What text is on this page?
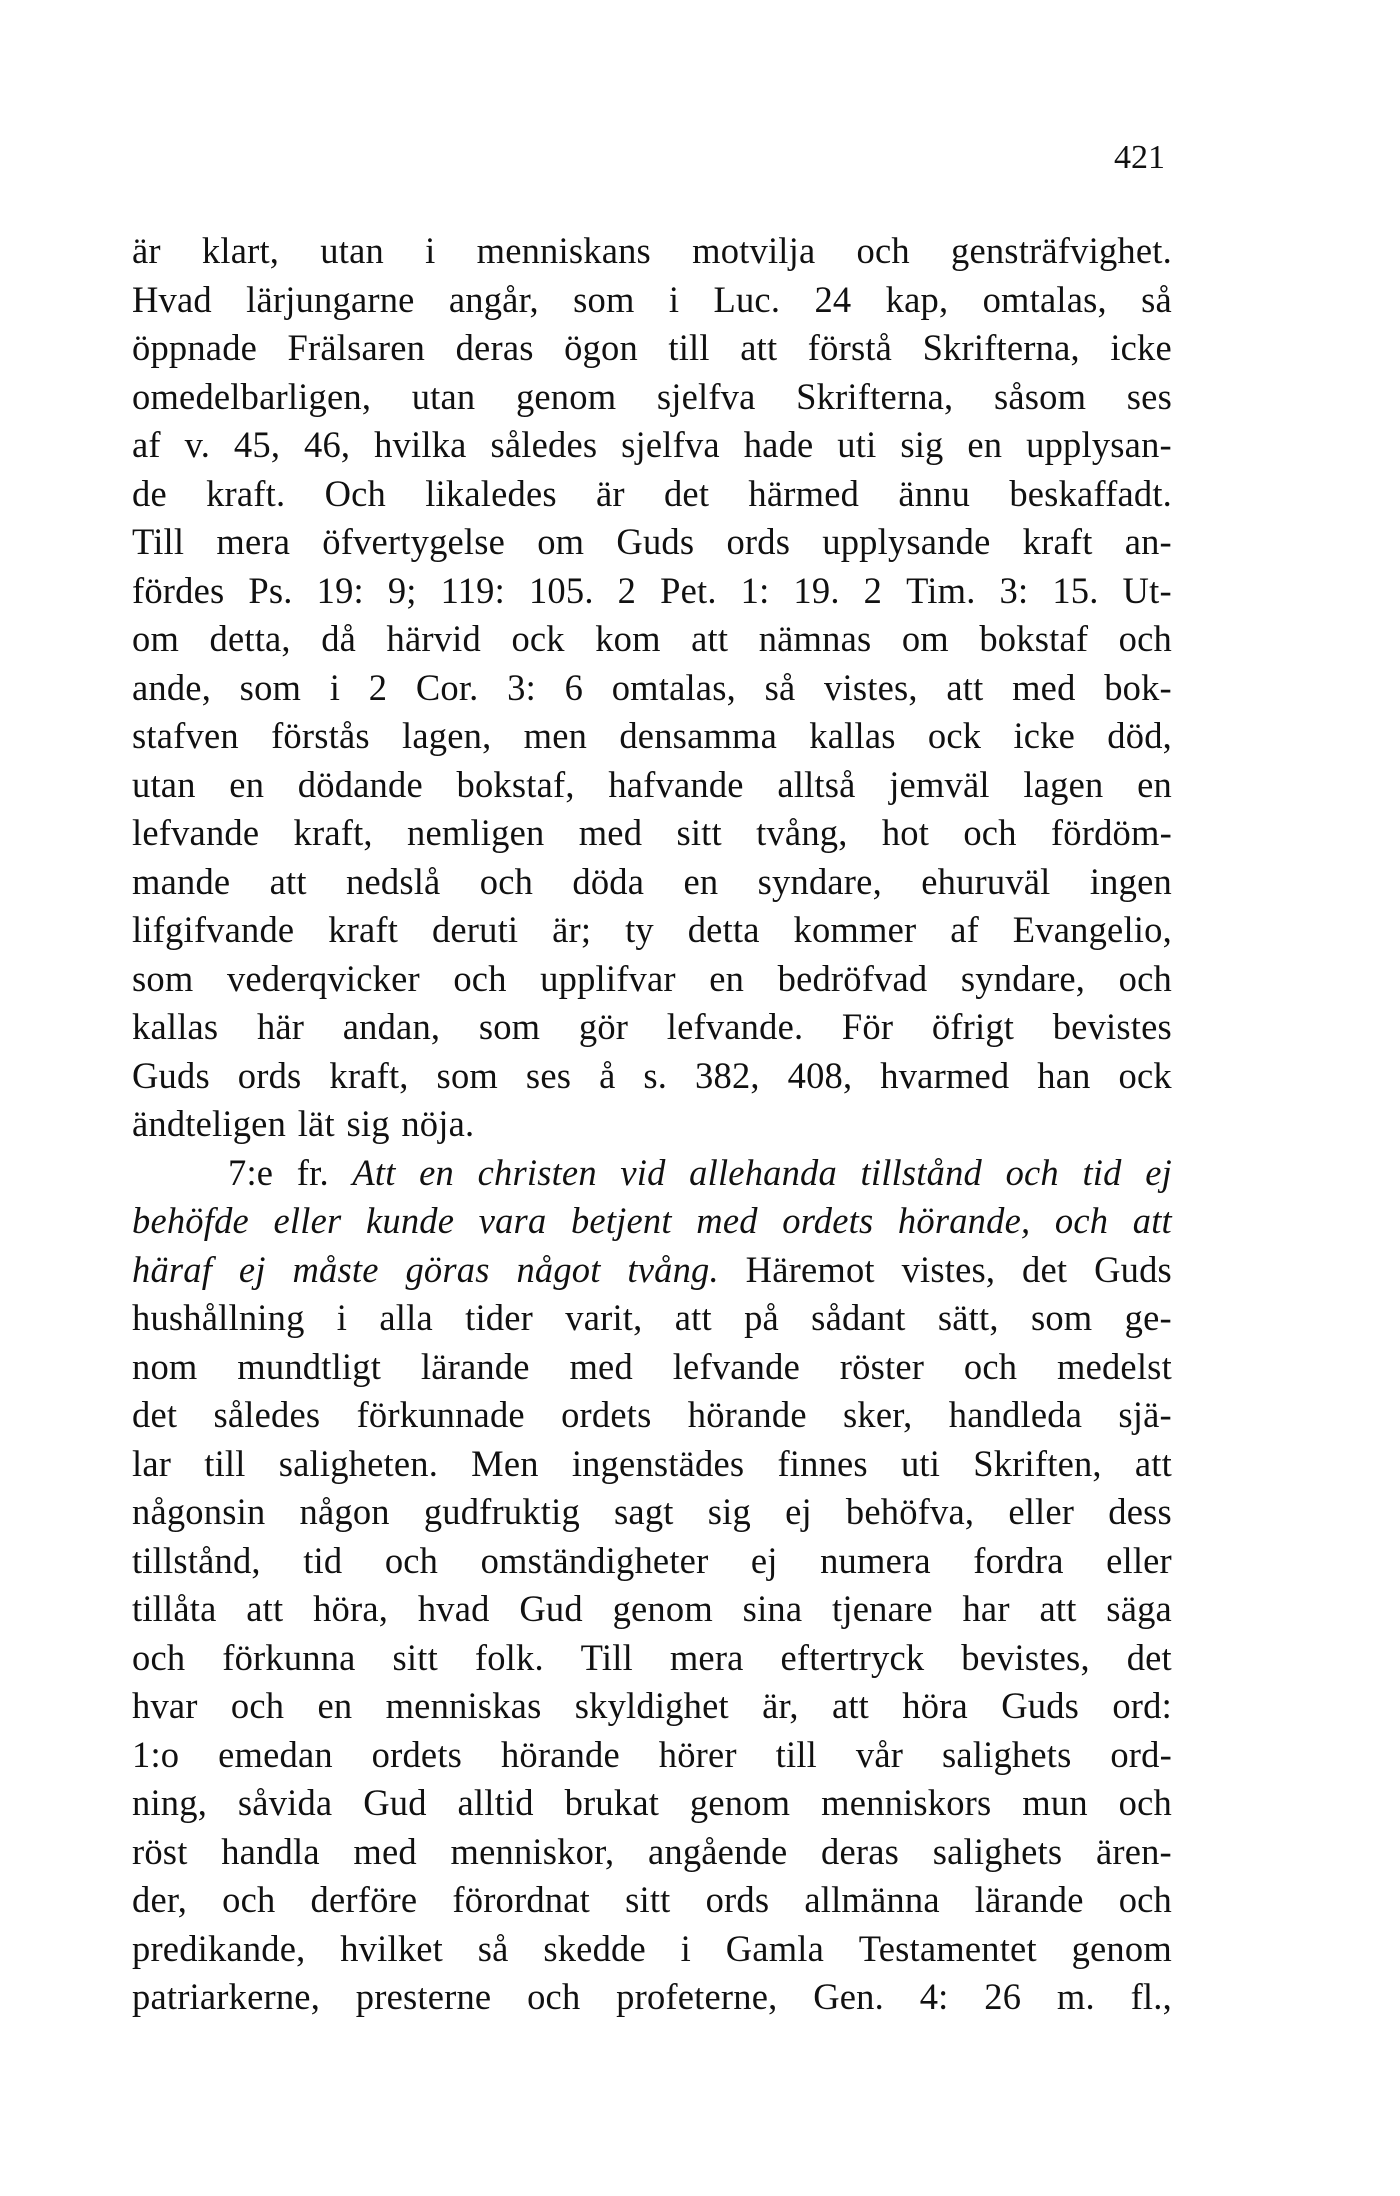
421
är klart, utan i menniskans motvilja och gensträfvighet.
Hvad lärjungarne angår, som i Luc. 24 kap, omtalas, så
öppnade Frälsaren deras ögon till att förstå Skrifterna, icke
omedelbarligen, utan genom sjelfva Skrifterna, såsom ses
af v. 45, 46, hvilka således sjelfva hade uti sig en upplysan-
de kraft. Och likaledes är det härmed ännu beskaffadt.
Till mera öfvertygelse om Guds ords upplysande kraft an-
fördes Ps. 19: 9; 119: 105. 2 Pet. 1: 19. 2 Tim. 3: 15. Ut-
om detta, då härvid ock kom att nämnas om bokstaf och
ande, som i 2 Cor. 3: 6 omtalas, så vistes, att med bok-
stafven förstås lagen, men densamma kallas ock icke död,
utan en dödande bokstaf, hafvande alltså jemväl lagen en
lefvande kraft, nemligen med sitt tvång, hot och fördöm-
mande att nedslå och döda en syndare, ehuruväl ingen
lifgifvande kraft deruti är; ty detta kommer af Evangelio,
som vederqvicker och upplifvar en bedröfvad syndare, och
kallas här andan, som gör lefvande. För öfrigt bevistes
Guds ords kraft, som ses å s. 382, 408, hvarmed han ock
ändteligen lät sig nöja.
7:e fr. Att en christen vid allehanda tillstånd och tid ej
behöfde eller kunde vara betjent med ordets hörande, och att
häraf ej måste göras något tvång. Häremot vistes, det Guds
hushållning i alla tider varit, att på sådant sätt, som ge-
nom mundtligt lärande med lefvande röster och medelst
det således förkunnade ordets hörande sker, handleda sjä-
lar till saligheten. Men ingenstädes finnes uti Skriften, att
någonsin någon gudfruktig sagt sig ej behöfva, eller dess
tillstånd, tid och omständigheter ej numera fordra eller
tillåta att höra, hvad Gud genom sina tjenare har att säga
och förkunna sitt folk. Till mera eftertryck bevistes, det
hvar och en menniskas skyldighet är, att höra Guds ord:
1:o emedan ordets hörande hörer till vår salighets ord-
ning, såvida Gud alltid brukat genom menniskors mun och
röst handla med menniskor, angående deras salighets ären-
der, och derföre förordnat sitt ords allmänna lärande och
predikande, hvilket så skedde i Gamla Testamentet genom
patriarkerne, presterne och profeterne, Gen. 4: 26 m. fl.,
